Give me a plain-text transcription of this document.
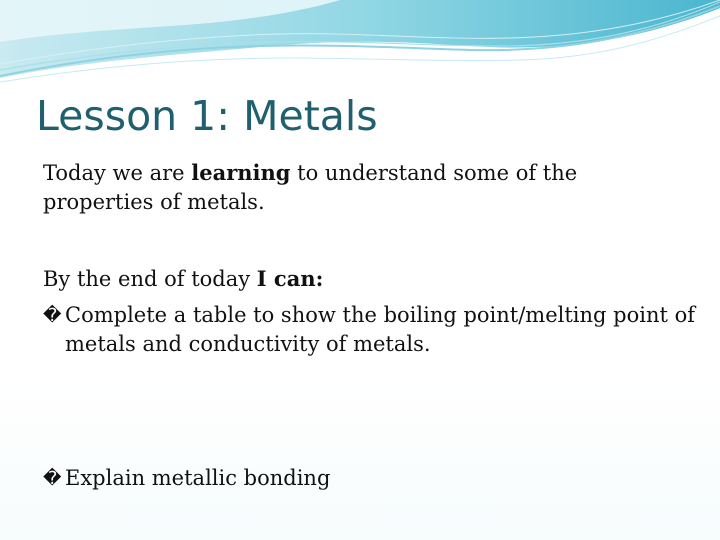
Lesson 1: Metals
Today we are learning to understand some of the properties of metals.
By the end of today I can:
� Complete a table to show the boiling point/melting point of metals and conductivity of metals.
� Explain metallic bonding
